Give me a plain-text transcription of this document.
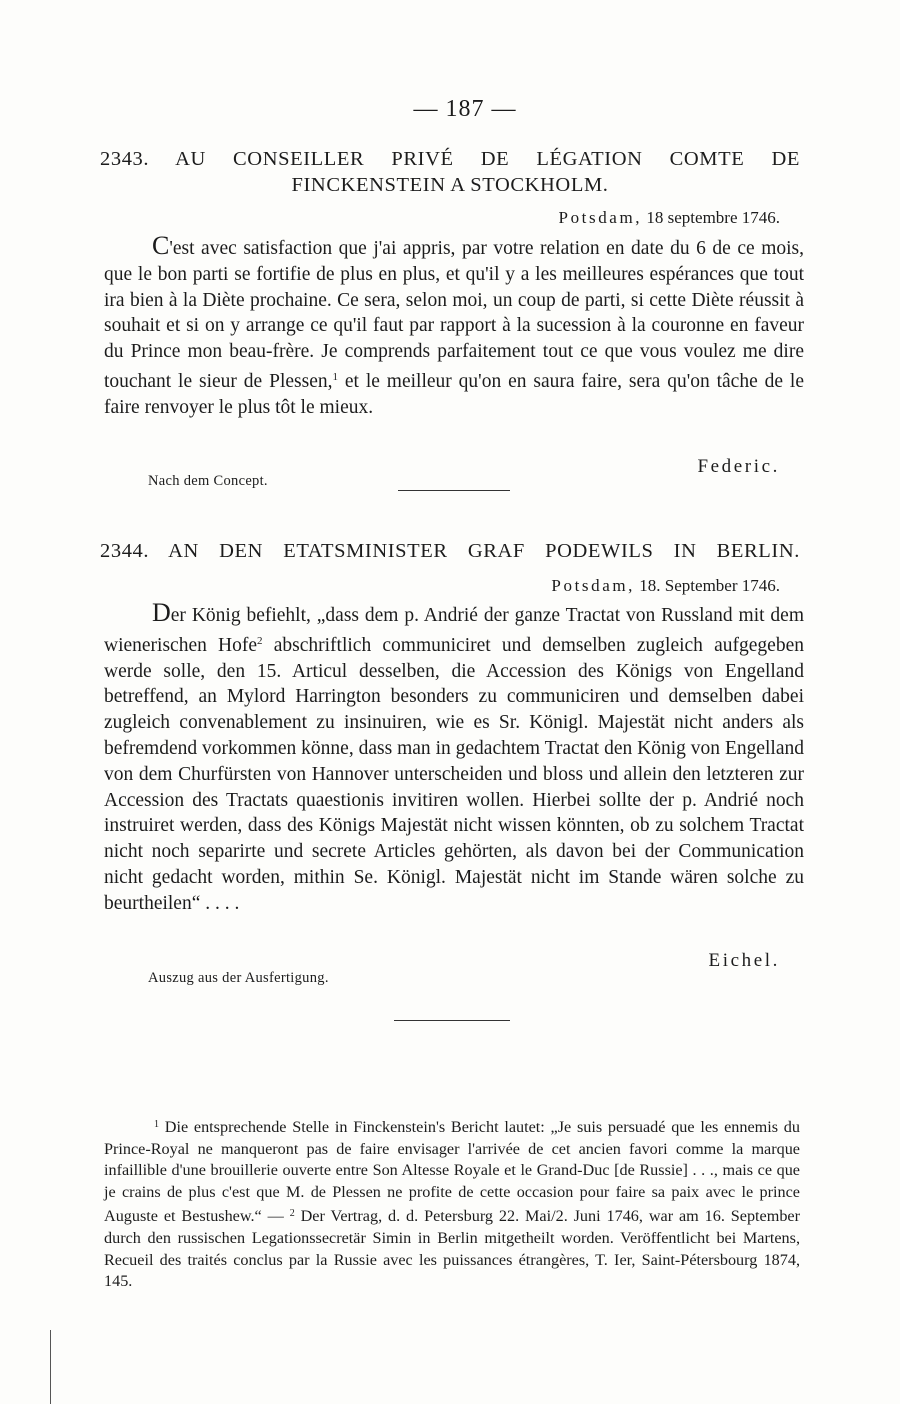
— 187 —
2343. AU CONSEILLER PRIVÉ DE LÉGATION COMTE DE
FINCKENSTEIN A STOCKHOLM.
Potsdam, 18 septembre 1746.

C'est avec satisfaction que j'ai appris, par votre relation en date du 6 de ce mois, que le bon parti se fortifie de plus en plus, et qu'il y a les meilleures espérances que tout ira bien à la Diète prochaine. Ce sera, selon moi, un coup de parti, si cette Diète réussit à souhait et si on y arrange ce qu'il faut par rapport à la sucession à la couronne en faveur du Prince mon beau-frère. Je comprends parfaitement tout ce que vous voulez me dire touchant le sieur de Plessen,$^1$ et le meilleur qu'on en saura faire, sera qu'on tâche de le faire renvoyer le plus tôt le mieux.

Federic.
Nach dem Concept.
2344. AN DEN ETATSMINISTER GRAF PODEWILS IN BERLIN.
Potsdam, 18. September 1746.

Der König befiehlt, „dass dem p. Andrié der ganze Tractat von Russland mit dem wienerischen Hofe$^2$ abschriftlich communiciret und demselben zugleich aufgegeben werde solle, den 15. Articul desselben, die Accession des Königs von Engelland betreffend, an Mylord Harrington besonders zu communiciren und demselben dabei zugleich convenablement zu insinuiren, wie es Sr. Königl. Majestät nicht anders als befremdend vorkommen könne, dass man in gedachtem Tractat den König von Engelland von dem Churfürsten von Hannover unterscheiden und bloss und allein den letzteren zur Accession des Tractats quaestionis invitiren wollen. Hierbei sollte der p. Andrié noch instruiret werden, dass des Königs Majestät nicht wissen könnten, ob zu solchem Tractat nicht noch separirte und secrete Articles gehörten, als davon bei der Communication nicht gedacht worden, mithin Se. Königl. Majestät nicht im Stande wären solche zu beurtheilen“ . . . .

Eichel.
Auszug aus der Ausfertigung.

$^1$ Die entsprechende Stelle in Finckenstein's Bericht lautet: „Je suis persuadé que les ennemis du Prince-Royal ne manqueront pas de faire envisager l'arrivée de cet ancien favori comme la marque infaillible d'une brouillerie ouverte entre Son Altesse Royale et le Grand-Duc [de Russie] . . ., mais ce que je crains de plus c'est que M. de Plessen ne profite de cette occasion pour faire sa paix avec le prince Auguste et Bestushew.“ — $^2$ Der Vertrag, d. d. Petersburg 22. Mai/2. Juni 1746, war am 16. September durch den russischen Legationssecretär Simin in Berlin mitgetheilt worden. Veröffentlicht bei Martens, Recueil des traités conclus par la Russie avec les puissances étrangères, T. Ier, Saint-Pétersbourg 1874, 145.
